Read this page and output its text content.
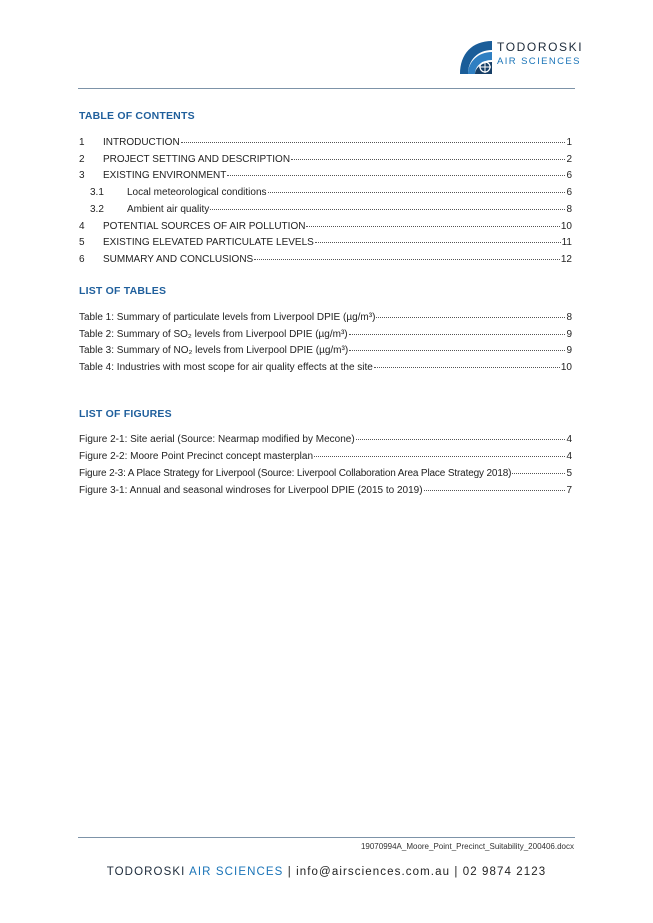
TODOROSKI
AIR SCIENCES
TABLE OF CONTENTS
1	INTRODUCTION	1
2	PROJECT SETTING AND DESCRIPTION	2
3	EXISTING ENVIRONMENT	6
3.1	Local meteorological conditions	6
3.2	Ambient air quality	8
4	POTENTIAL SOURCES OF AIR POLLUTION	10
5	EXISTING ELEVATED PARTICULATE LEVELS	11
6	SUMMARY AND CONCLUSIONS	12
LIST OF TABLES
Table 1: Summary of particulate levels from Liverpool DPIE (µg/m³)	8
Table 2: Summary of SO₂ levels from Liverpool DPIE (µg/m³)	9
Table 3: Summary of NO₂ levels from Liverpool DPIE (µg/m³)	9
Table 4: Industries with most scope for air quality effects at the site	10
LIST OF FIGURES
Figure 2-1: Site aerial (Source: Nearmap modified by Mecone)	4
Figure 2-2: Moore Point Precinct concept masterplan	4
Figure 2-3: A Place Strategy for Liverpool (Source: Liverpool Collaboration Area Place Strategy 2018)	5
Figure 3-1: Annual and seasonal windroses for Liverpool DPIE (2015 to 2019)	7
19070994A_Moore_Point_Precinct_Suitability_200406.docx
TODOROSKI AIR SCIENCES | info@airsciences.com.au | 02 9874 2123
